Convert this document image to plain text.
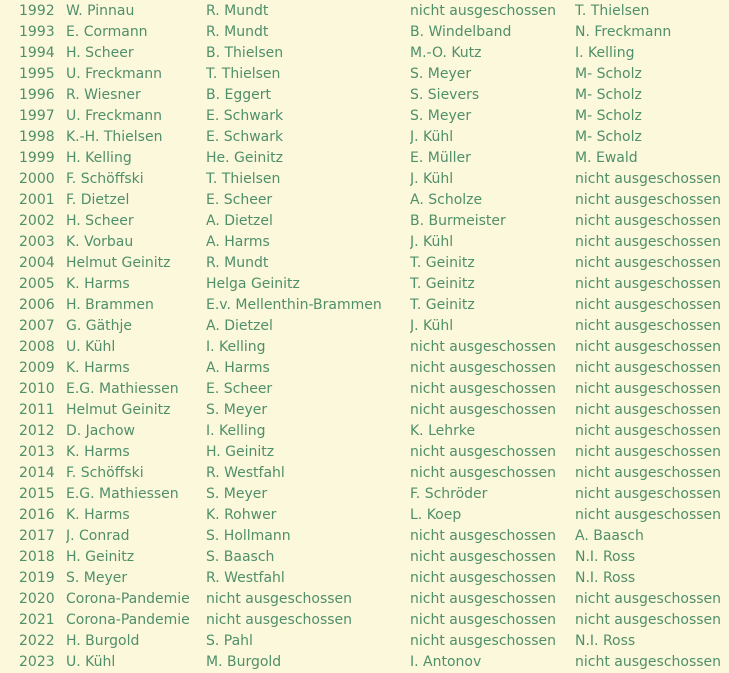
1992	W. Pinnau	R. Mundt	nicht ausgeschossen	T. Thielsen
1993	E. Cormann	R. Mundt	B. Windelband	N. Freckmann
1994	H. Scheer	B. Thielsen	M.-O. Kutz	I. Kelling
1995	U. Freckmann	T. Thielsen	S. Meyer	M- Scholz
1996	R. Wiesner	B. Eggert	S. Sievers	M- Scholz
1997	U. Freckmann	E. Schwark	S. Meyer	M- Scholz
1998	K.-H. Thielsen	E. Schwark	J. Kühl	M- Scholz
1999	H. Kelling	He. Geinitz	E. Müller	M. Ewald
2000	F. Schöffski	T. Thielsen	J. Kühl	nicht ausgeschossen
2001	F. Dietzel	E. Scheer	A. Scholze	nicht ausgeschossen
2002	H. Scheer	A. Dietzel	B. Burmeister	nicht ausgeschossen
2003	K. Vorbau	A. Harms	J. Kühl	nicht ausgeschossen
2004	Helmut Geinitz	R. Mundt	T. Geinitz	nicht ausgeschossen
2005	K. Harms	Helga Geinitz	T. Geinitz	nicht ausgeschossen
2006	H. Brammen	E.v. Mellenthin-Brammen	T. Geinitz	nicht ausgeschossen
2007	G. Gäthje	A. Dietzel	J. Kühl	nicht ausgeschossen
2008	U. Kühl	I. Kelling	nicht ausgeschossen	nicht ausgeschossen
2009	K. Harms	A. Harms	nicht ausgeschossen	nicht ausgeschossen
2010	E.G. Mathiessen	E. Scheer	nicht ausgeschossen	nicht ausgeschossen
2011	Helmut Geinitz	S. Meyer	nicht ausgeschossen	nicht ausgeschossen
2012	D. Jachow	I. Kelling	K. Lehrke	nicht ausgeschossen
2013	K. Harms	H. Geinitz	nicht ausgeschossen	nicht ausgeschossen
2014	F. Schöffski	R. Westfahl	nicht ausgeschossen	nicht ausgeschossen
2015	E.G. Mathiessen	S. Meyer	F. Schröder	nicht ausgeschossen
2016	K. Harms	K. Rohwer	L. Koep	nicht ausgeschossen
2017	J. Conrad	S. Hollmann	nicht ausgeschossen	A. Baasch
2018	H. Geinitz	S. Baasch	nicht ausgeschossen	N.I. Ross
2019	S. Meyer	R. Westfahl	nicht ausgeschossen	N.I. Ross
2020	Corona-Pandemie	nicht ausgeschossen	nicht ausgeschossen	nicht ausgeschossen
2021	Corona-Pandemie	nicht ausgeschossen	nicht ausgeschossen	nicht ausgeschossen
2022	H. Burgold	S. Pahl	nicht ausgeschossen	N.I. Ross
2023	U. Kühl	M. Burgold	I. Antonov	nicht ausgeschossen
